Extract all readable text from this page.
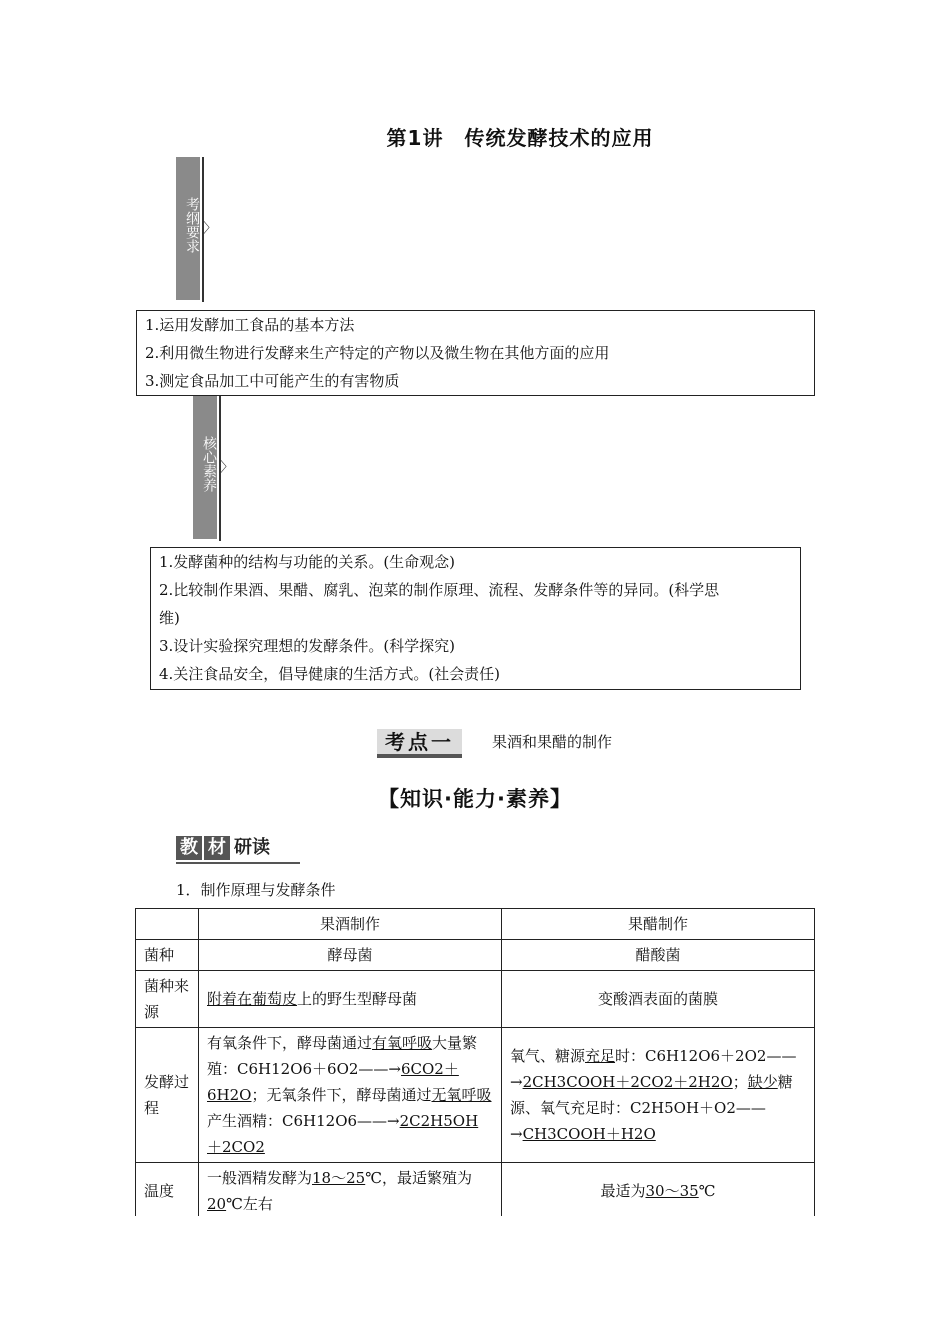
第1讲　传统发酵技术的应用
考纲要求 〉
1.运用发酵加工食品的基本方法
2.利用微生物进行发酵来生产特定的产物以及微生物在其他方面的应用
3.测定食品加工中可能产生的有害物质
核心素养 〉
1.发酵菌种的结构与功能的关系。(生命观念)
2.比较制作果酒、果醋、腐乳、泡菜的制作原理、流程、发酵条件等的异同。(科学思
维)
3.设计实验探究理想的发酵条件。(科学探究)
4.关注食品安全，倡导健康的生活方式。(社会责任)
考点一	果酒和果醋的制作
【知识·能力·素养】
教 材 研读
1．制作原理与发酵条件
	果酒制作	果醋制作
菌种	酵母菌	醋酸菌
菌种来源	附着在葡萄皮上的野生型酵母菌	变酸酒表面的菌膜
发酵过程	有氧条件下，酵母菌通过有氧呼吸大量繁殖：C6H12O6＋6O2——→6CO2＋6H2O；无氧条件下，酵母菌通过无氧呼吸产生酒精：C6H12O6——→2C2H5OH＋2CO2	氧气、糖源充足时：C6H12O6＋2O2——→2CH3COOH＋2CO2＋2H2O；缺少糖源、氧气充足时：C2H5OH＋O2——→CH3COOH＋H2O
温度	一般酒精发酵为18～25℃，最适繁殖为20℃左右	最适为30～35℃
